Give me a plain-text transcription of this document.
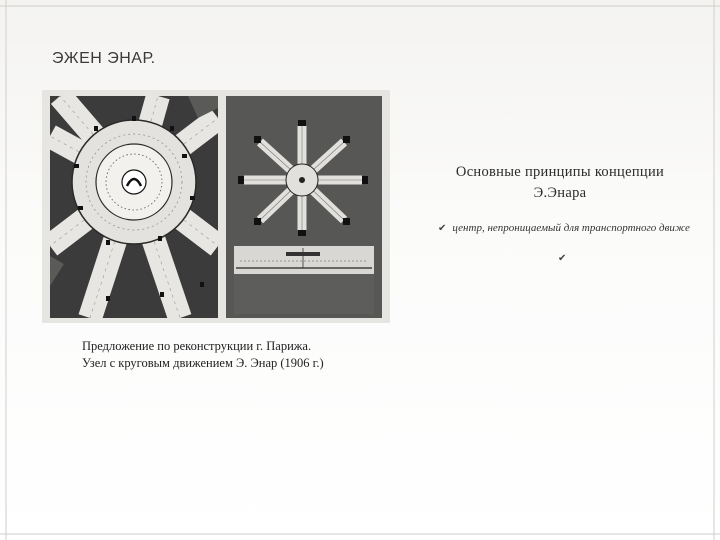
ЭЖЕН ЭНАР.
Предложение по реконструкции г. Парижа.
Узел с круговым движением Э. Энар (1906 г.)
Основные принципы концепции
Э.Энара
✔ центр, непроницаемый для транспортного движе
✔
